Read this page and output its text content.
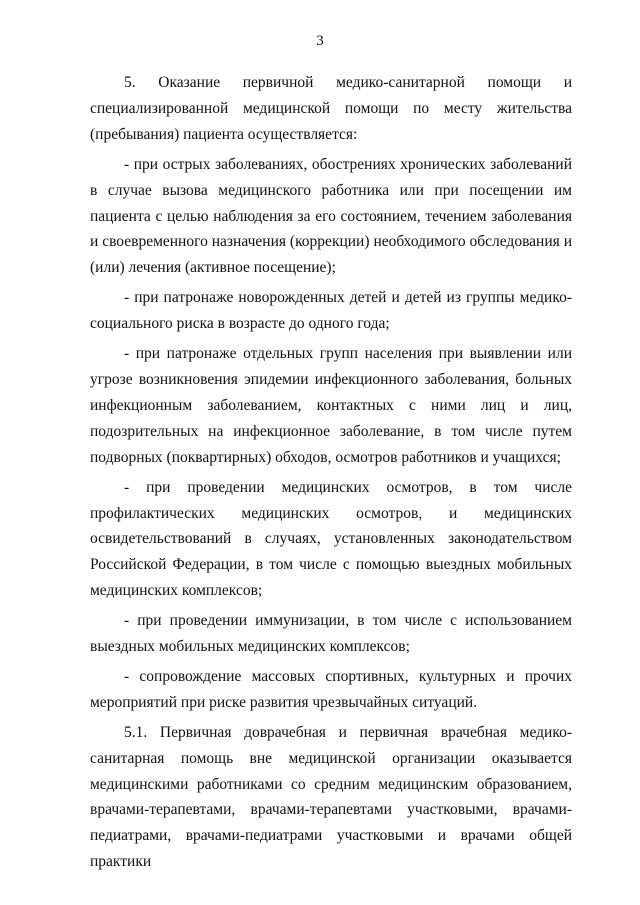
3

5. Оказание первичной медико-санитарной помощи и специализированной медицинской помощи по месту жительства (пребывания) пациента осуществляется:

- при острых заболеваниях, обострениях хронических заболеваний в случае вызова медицинского работника или при посещении им пациента с целью наблюдения за его состоянием, течением заболевания и своевременного назначения (коррекции) необходимого обследования и (или) лечения (активное посещение);

- при патронаже новорожденных детей и детей из группы медико-социального риска в возрасте до одного года;

- при патронаже отдельных групп населения при выявлении или угрозе возникновения эпидемии инфекционного заболевания, больных инфекционным заболеванием, контактных с ними лиц и лиц, подозрительных на инфекционное заболевание, в том числе путем подворных (поквартирных) обходов, осмотров работников и учащихся;

- при проведении медицинских осмотров, в том числе профилактических медицинских осмотров, и медицинских освидетельствований в случаях, установленных законодательством Российской Федерации, в том числе с помощью выездных мобильных медицинских комплексов;

- при проведении иммунизации, в том числе с использованием выездных мобильных медицинских комплексов;

- сопровождение массовых спортивных, культурных и прочих мероприятий при риске развития чрезвычайных ситуаций.

5.1. Первичная доврачебная и первичная врачебная медико-санитарная помощь вне медицинской организации оказывается медицинскими работниками со средним медицинским образованием, врачами-терапевтами, врачами-терапевтами участковыми, врачами-педиатрами, врачами-педиатрами участковыми и врачами общей практики
